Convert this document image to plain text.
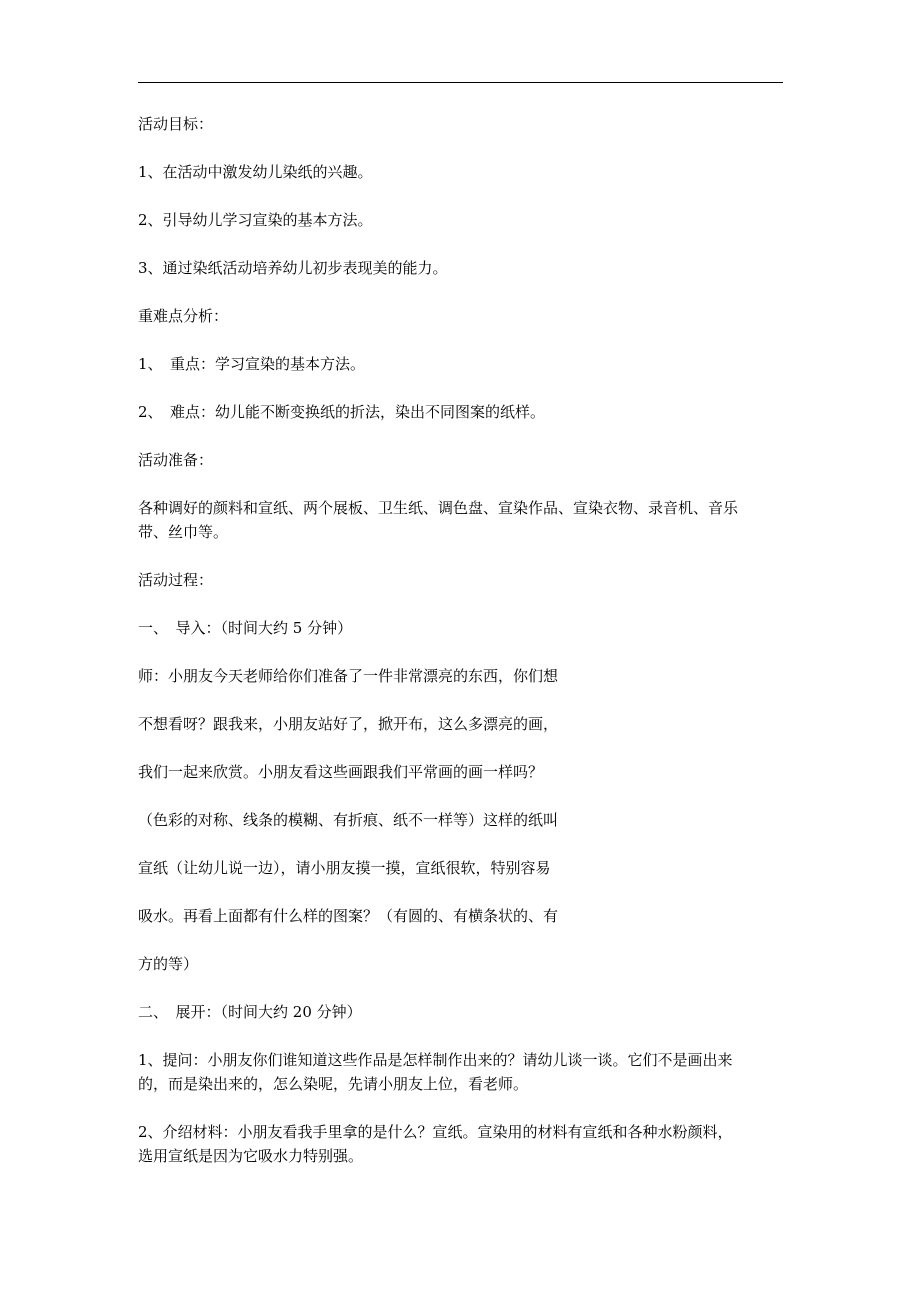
活动目标：
1、在活动中激发幼儿染纸的兴趣。
2、引导幼儿学习宣染的基本方法。
3、通过染纸活动培养幼儿初步表现美的能力。
重难点分析：
1、　重点：学习宣染的基本方法。
2、　难点：幼儿能不断变换纸的折法，染出不同图案的纸样。
活动准备：
各种调好的颜料和宣纸、两个展板、卫生纸、调色盘、宣染作品、宣染衣物、录音机、音乐
带、丝巾等。
活动过程：
一、　导入：（时间大约 5 分钟）
师：小朋友今天老师给你们准备了一件非常漂亮的东西，你们想
不想看呀？跟我来，小朋友站好了，掀开布，这么多漂亮的画，
我们一起来欣赏。小朋友看这些画跟我们平常画的画一样吗？
（色彩的对称、线条的模糊、有折痕、纸不一样等）这样的纸叫
宣纸（让幼儿说一边），请小朋友摸一摸，宣纸很软，特别容易
吸水。再看上面都有什么样的图案？（有圆的、有横条状的、有
方的等）
二、　展开：（时间大约 20 分钟）
1、提问：小朋友你们谁知道这些作品是怎样制作出来的？请幼儿谈一谈。它们不是画出来
的，而是染出来的，怎么染呢，先请小朋友上位，看老师。
2、介绍材料：小朋友看我手里拿的是什么？宣纸。宣染用的材料有宣纸和各种水粉颜料，
选用宣纸是因为它吸水力特别强。
